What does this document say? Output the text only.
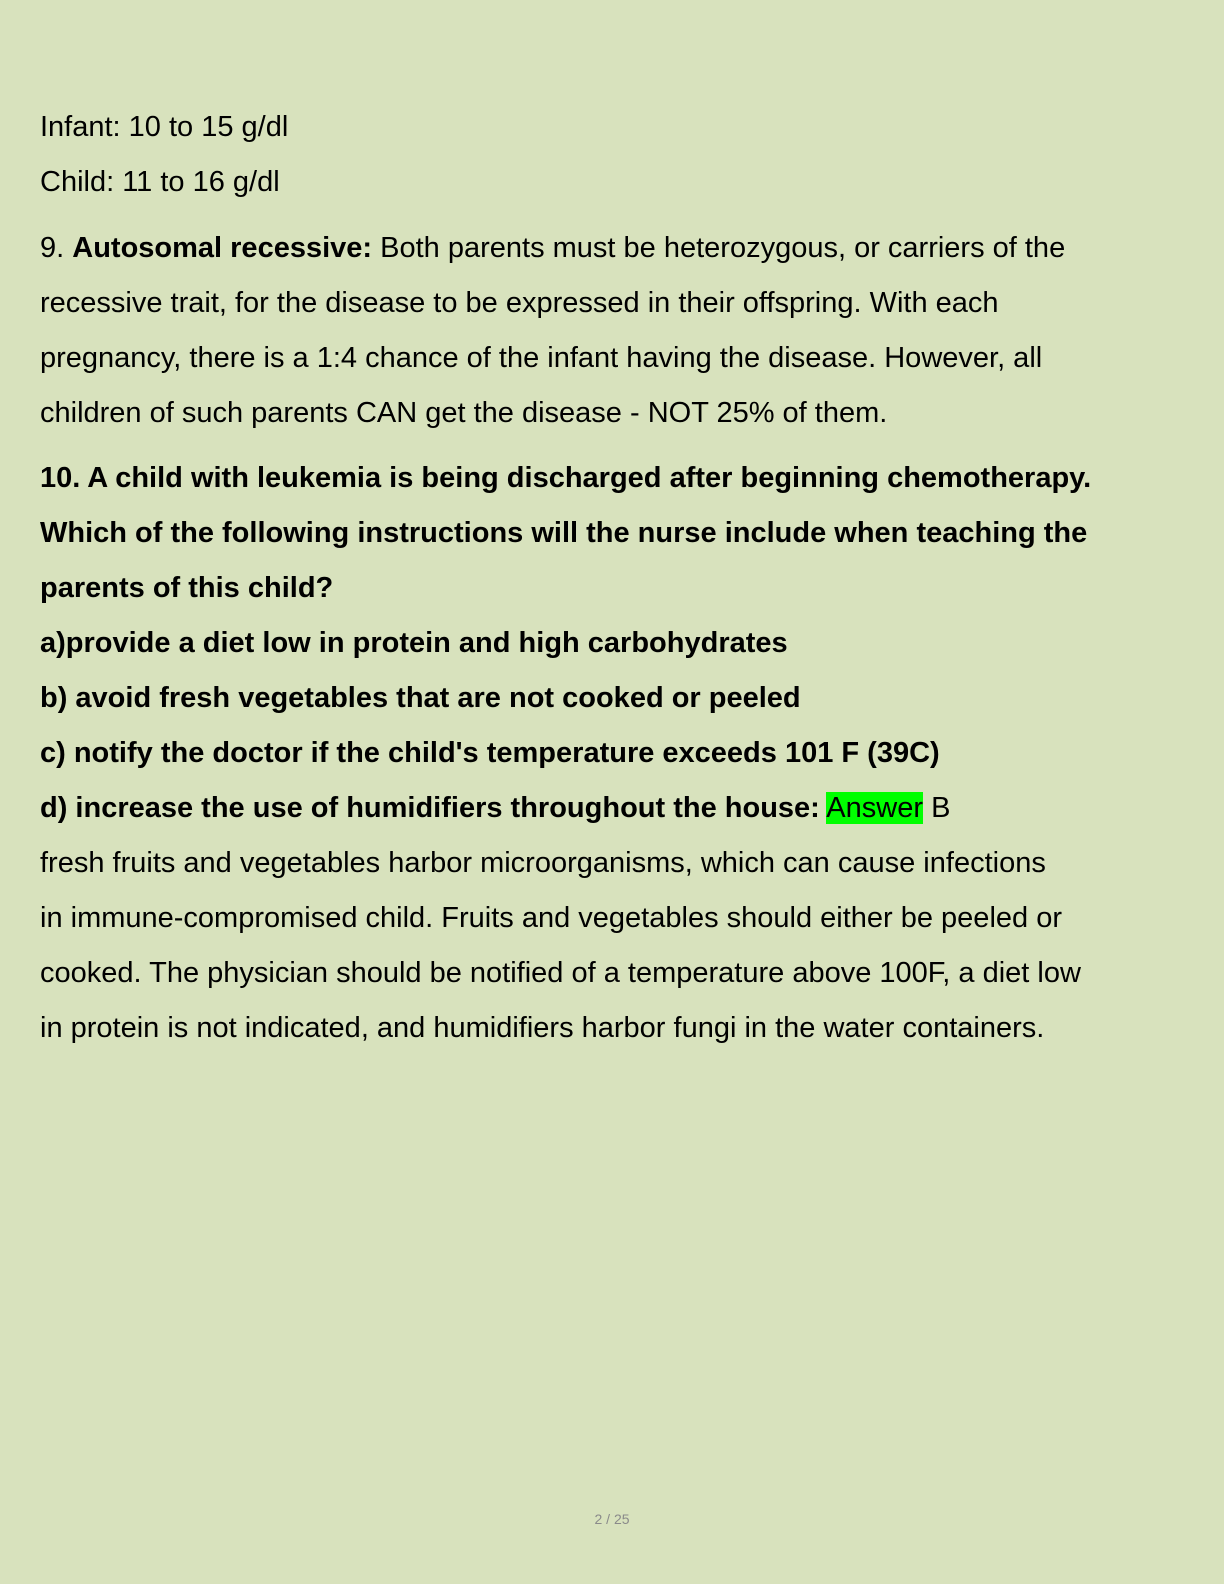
Infant: 10 to 15 g/dl
Child: 11 to 16 g/dl
9. Autosomal recessive: Both parents must be heterozygous, or carriers of the
recessive trait, for the disease to be expressed in their offspring. With each
pregnancy, there is a 1:4 chance of the infant having the disease. However, all
children of such parents CAN get the disease - NOT 25% of them.
10. A child with leukemia is being discharged after beginning chemotherapy.
Which of the following instructions will the nurse include when teaching the
parents of this child?
a)provide a diet low in protein and high carbohydrates
b) avoid fresh vegetables that are not cooked or peeled
c) notify the doctor if the child's temperature exceeds 101 F (39C)
d) increase the use of humidifiers throughout the house: Answer B
fresh fruits and vegetables harbor microorganisms, which can cause infections
in immune-compromised child. Fruits and vegetables should either be peeled or
cooked. The physician should be notified of a temperature above 100F, a diet low
in protein is not indicated, and humidifiers harbor fungi in the water containers.
2 / 25
